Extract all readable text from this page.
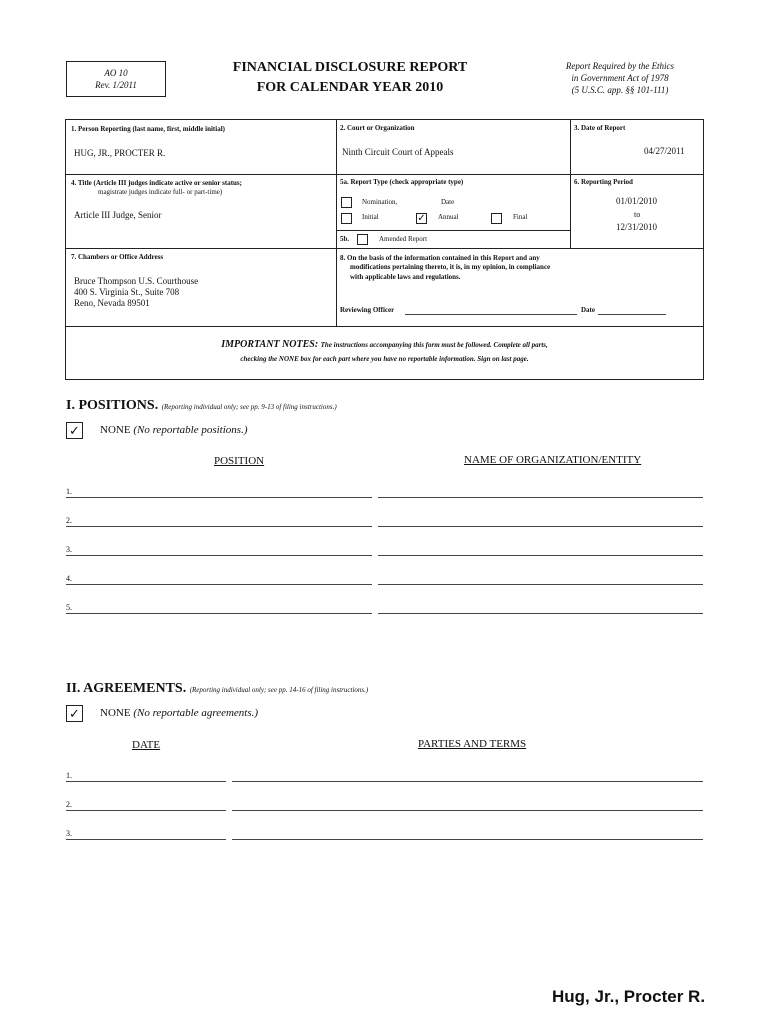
AO 10
Rev. 1/2011
FINANCIAL DISCLOSURE REPORT
FOR CALENDAR YEAR 2010
Report Required by the Ethics
in Government Act of 1978
(5 U.S.C. app. §§ 101-111)
1. Person Reporting (last name, first, middle initial)
HUG, JR., PROCTER R.
2. Court or Organization
Ninth Circuit Court of Appeals
3. Date of Report
04/27/2011
4. Title (Article III judges indicate active or senior status;
magistrate judges indicate full- or part-time)
Article III Judge, Senior
5a. Report Type (check appropriate type)
Nomination,	Date
Initial	✓ Annual	Final
5b.	Amended Report
6. Reporting Period
01/01/2010
to
12/31/2010
7. Chambers or Office Address
Bruce Thompson U.S. Courthouse
400 S. Virginia St., Suite 708
Reno, Nevada 89501
8. On the basis of the information contained in this Report and any
modifications pertaining thereto, it is, in my opinion, in compliance
with applicable laws and regulations.
Reviewing Officer	Date
IMPORTANT NOTES: The instructions accompanying this form must be followed. Complete all parts,
checking the NONE box for each part where you have no reportable information. Sign on last page.
I. POSITIONS. (Reporting individual only; see pp. 9-13 of filing instructions.)
✓ NONE (No reportable positions.)
POSITION	NAME OF ORGANIZATION/ENTITY
1.
2.
3.
4.
5.
II. AGREEMENTS. (Reporting individual only; see pp. 14-16 of filing instructions.)
✓ NONE (No reportable agreements.)
DATE	PARTIES AND TERMS
1.
2.
3.
Hug, Jr., Procter R.
